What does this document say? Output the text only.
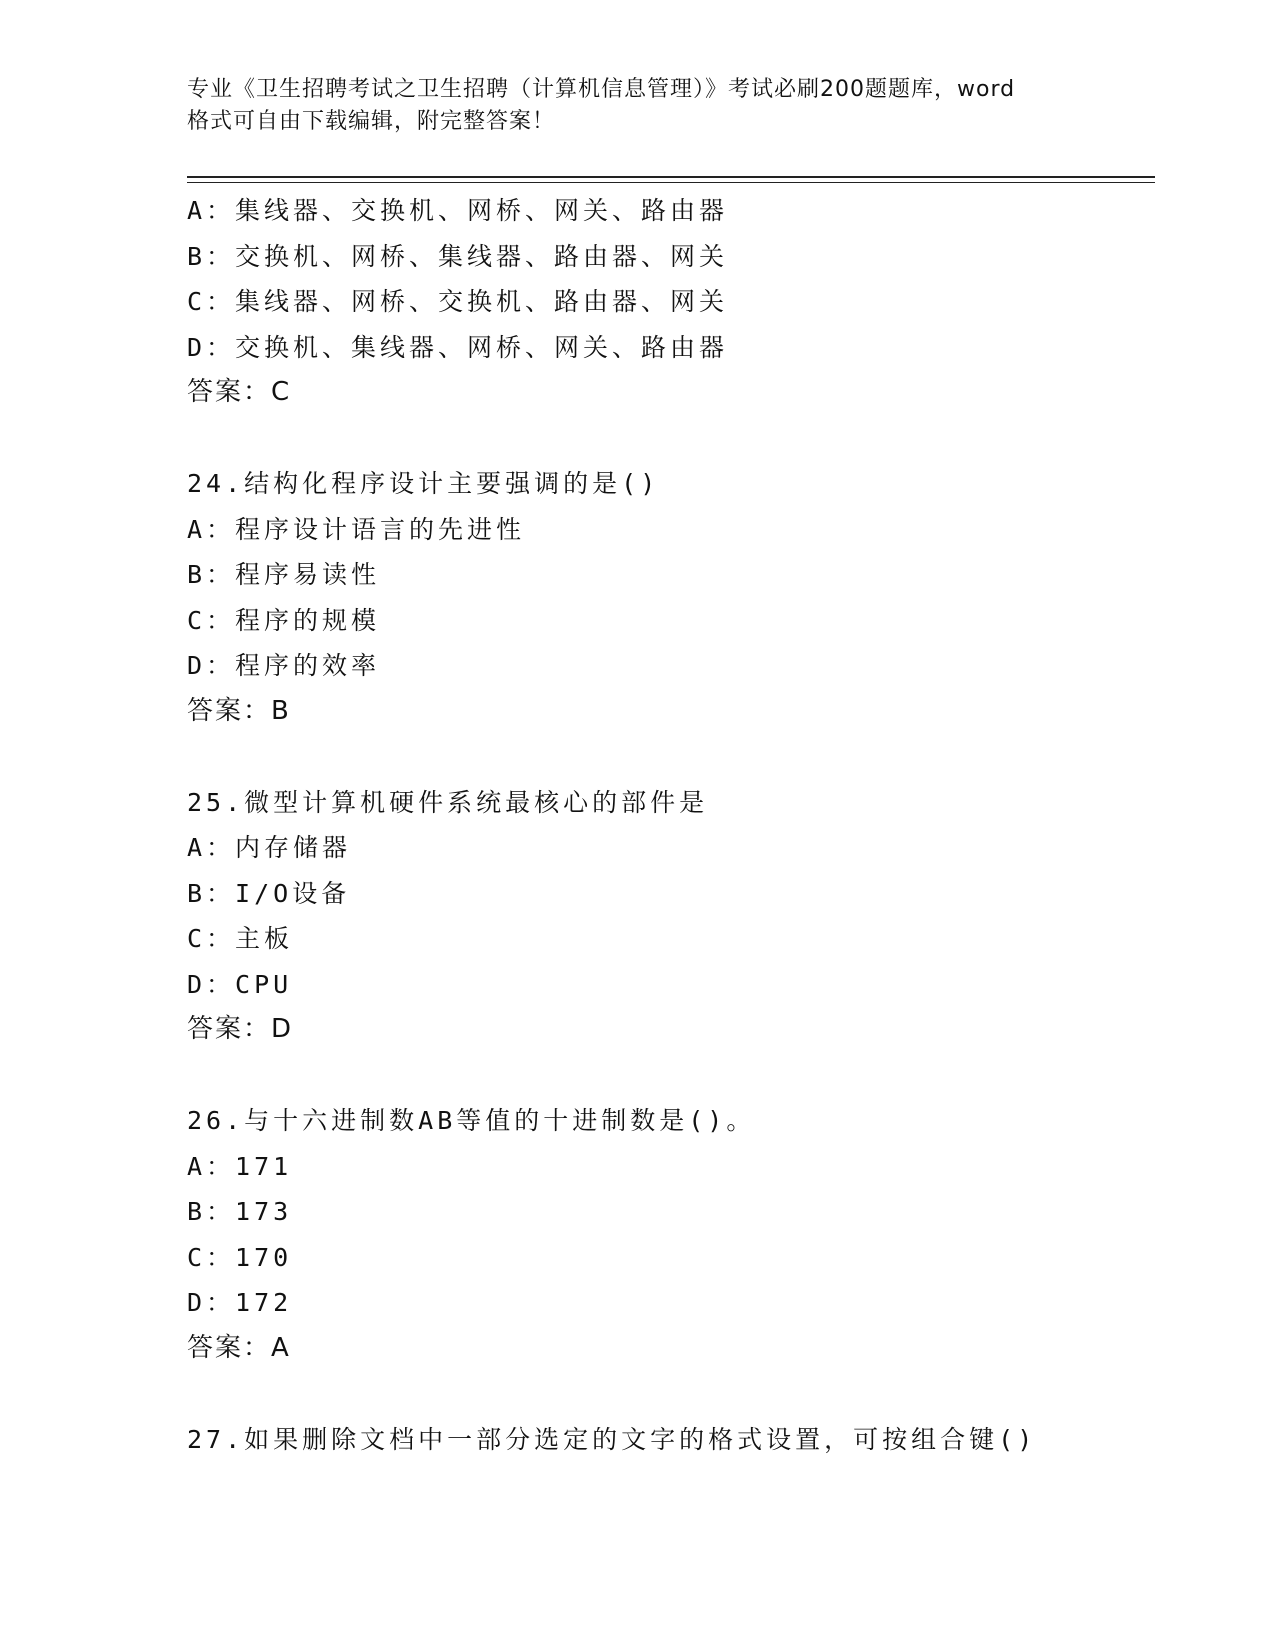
专业《卫生招聘考试之卫生招聘（计算机信息管理）》考试必刷200题题库，word
格式可自由下载编辑，附完整答案！
A：集线器、交换机、网桥、网关、路由器
B：交换机、网桥、集线器、路由器、网关
C：集线器、网桥、交换机、路由器、网关
D：交换机、集线器、网桥、网关、路由器
答案：C
24.结构化程序设计主要强调的是()
A：程序设计语言的先进性
B：程序易读性
C：程序的规模
D：程序的效率
答案：B
25.微型计算机硬件系统最核心的部件是
A：内存储器
B：I/O设备
C：主板
D：CPU
答案：D
26.与十六进制数AB等值的十进制数是()。
A：171
B：173
C：170
D：172
答案：A
27.如果删除文档中一部分选定的文字的格式设置，可按组合键()
